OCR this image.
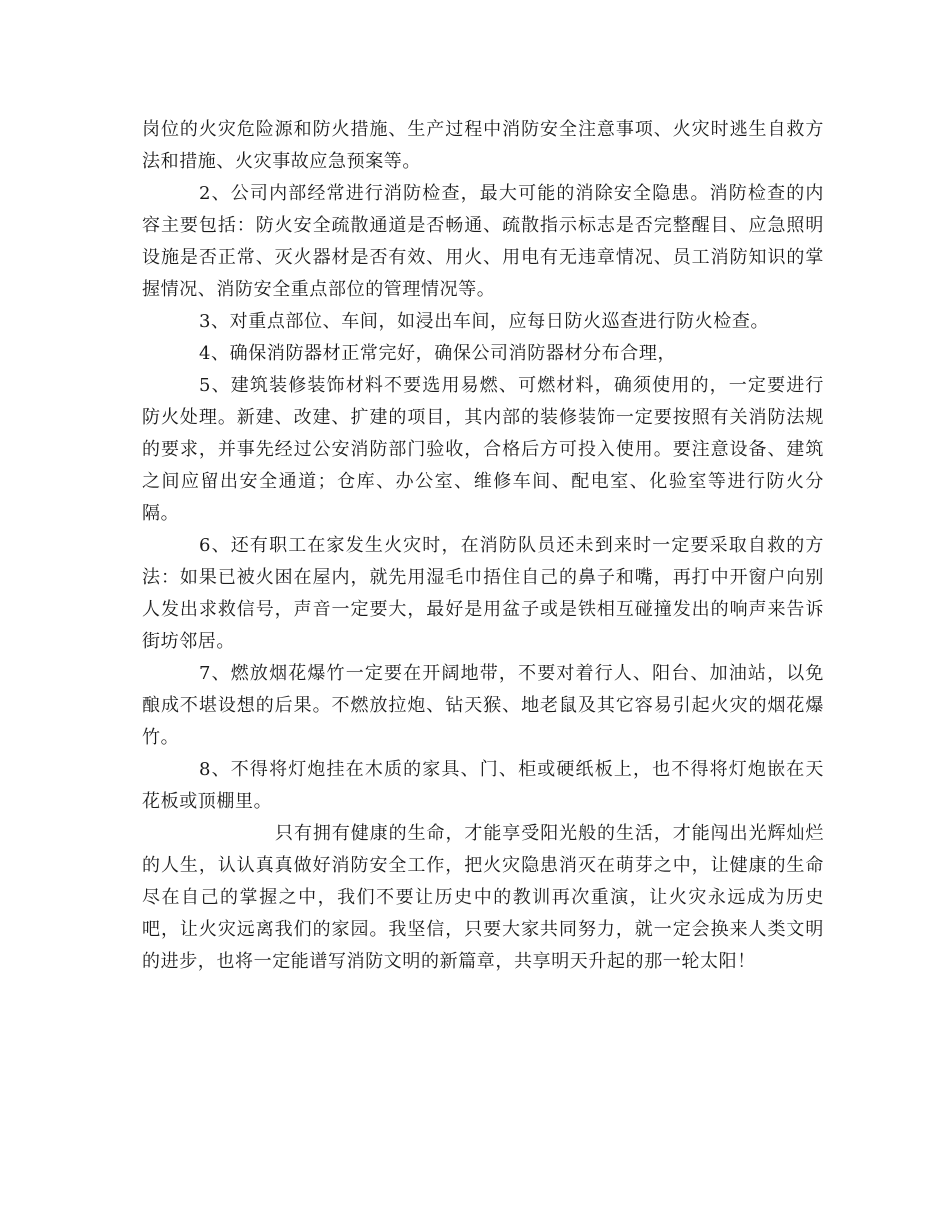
岗位的火灾危险源和防火措施、生产过程中消防安全注意事项、火灾时逃生自救方法和措施、火灾事故应急预案等。

2、公司内部经常进行消防检查，最大可能的消除安全隐患。消防检查的内容主要包括：防火安全疏散通道是否畅通、疏散指示标志是否完整醒目、应急照明设施是否正常、灭火器材是否有效、用火、用电有无违章情况、员工消防知识的掌握情况、消防安全重点部位的管理情况等。

3、对重点部位、车间，如浸出车间，应每日防火巡查进行防火检查。

4、确保消防器材正常完好，确保公司消防器材分布合理，

5、建筑装修装饰材料不要选用易燃、可燃材料，确须使用的，一定要进行防火处理。新建、改建、扩建的项目，其内部的装修装饰一定要按照有关消防法规的要求，并事先经过公安消防部门验收，合格后方可投入使用。要注意设备、建筑之间应留出安全通道；仓库、办公室、维修车间、配电室、化验室等进行防火分隔。

6、还有职工在家发生火灾时，在消防队员还未到来时一定要采取自救的方法：如果已被火困在屋内，就先用湿毛巾捂住自己的鼻子和嘴，再打中开窗户向别人发出求救信号，声音一定要大，最好是用盆子或是铁相互碰撞发出的响声来告诉街坊邻居。

7、燃放烟花爆竹一定要在开阔地带，不要对着行人、阳台、加油站，以免酿成不堪设想的后果。不燃放拉炮、钻天猴、地老鼠及其它容易引起火灾的烟花爆竹。

8、不得将灯炮挂在木质的家具、门、柜或硬纸板上，也不得将灯炮嵌在天花板或顶棚里。

只有拥有健康的生命，才能享受阳光般的生活，才能闯出光辉灿烂的人生，认认真真做好消防安全工作，把火灾隐患消灭在萌芽之中，让健康的生命尽在自己的掌握之中，我们不要让历史中的教训再次重演，让火灾永远成为历史吧，让火灾远离我们的家园。我坚信，只要大家共同努力，就一定会换来人类文明的进步，也将一定能谱写消防文明的新篇章，共享明天升起的那一轮太阳！
